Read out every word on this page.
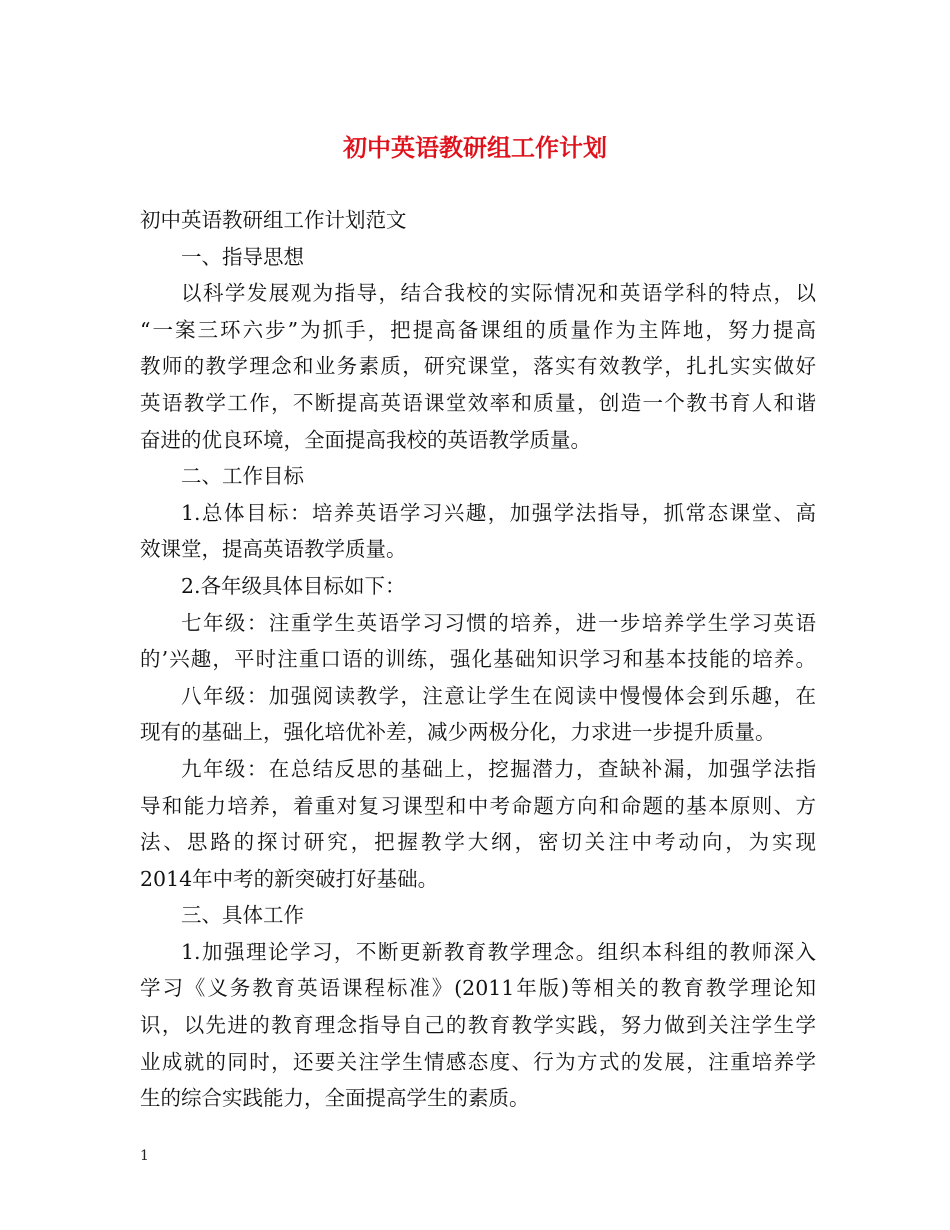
初中英语教研组工作计划
初中英语教研组工作计划范文
一、指导思想
以科学发展观为指导，结合我校的实际情况和英语学科的特点，以
“一案三环六步”为抓手，把提高备课组的质量作为主阵地，努力提高
教师的教学理念和业务素质，研究课堂，落实有效教学，扎扎实实做好
英语教学工作，不断提高英语课堂效率和质量，创造一个教书育人和谐
奋进的优良环境，全面提高我校的英语教学质量。
二、工作目标
1.总体目标：培养英语学习兴趣，加强学法指导，抓常态课堂、高
效课堂，提高英语教学质量。
2.各年级具体目标如下：
七年级：注重学生英语学习习惯的培养，进一步培养学生学习英语
的’兴趣，平时注重口语的训练，强化基础知识学习和基本技能的培养。
八年级：加强阅读教学，注意让学生在阅读中慢慢体会到乐趣，在
现有的基础上，强化培优补差，减少两极分化，力求进一步提升质量。
九年级：在总结反思的基础上，挖掘潜力，查缺补漏，加强学法指
导和能力培养，着重对复习课型和中考命题方向和命题的基本原则、方
法、思路的探讨研究，把握教学大纲，密切关注中考动向，为实现
2014年中考的新突破打好基础。
三、具体工作
1.加强理论学习，不断更新教育教学理念。组织本科组的教师深入
学习《义务教育英语课程标准》(2011年版)等相关的教育教学理论知
识，以先进的教育理念指导自己的教育教学实践，努力做到关注学生学
业成就的同时，还要关注学生情感态度、行为方式的发展，注重培养学
生的综合实践能力，全面提高学生的素质。
1
